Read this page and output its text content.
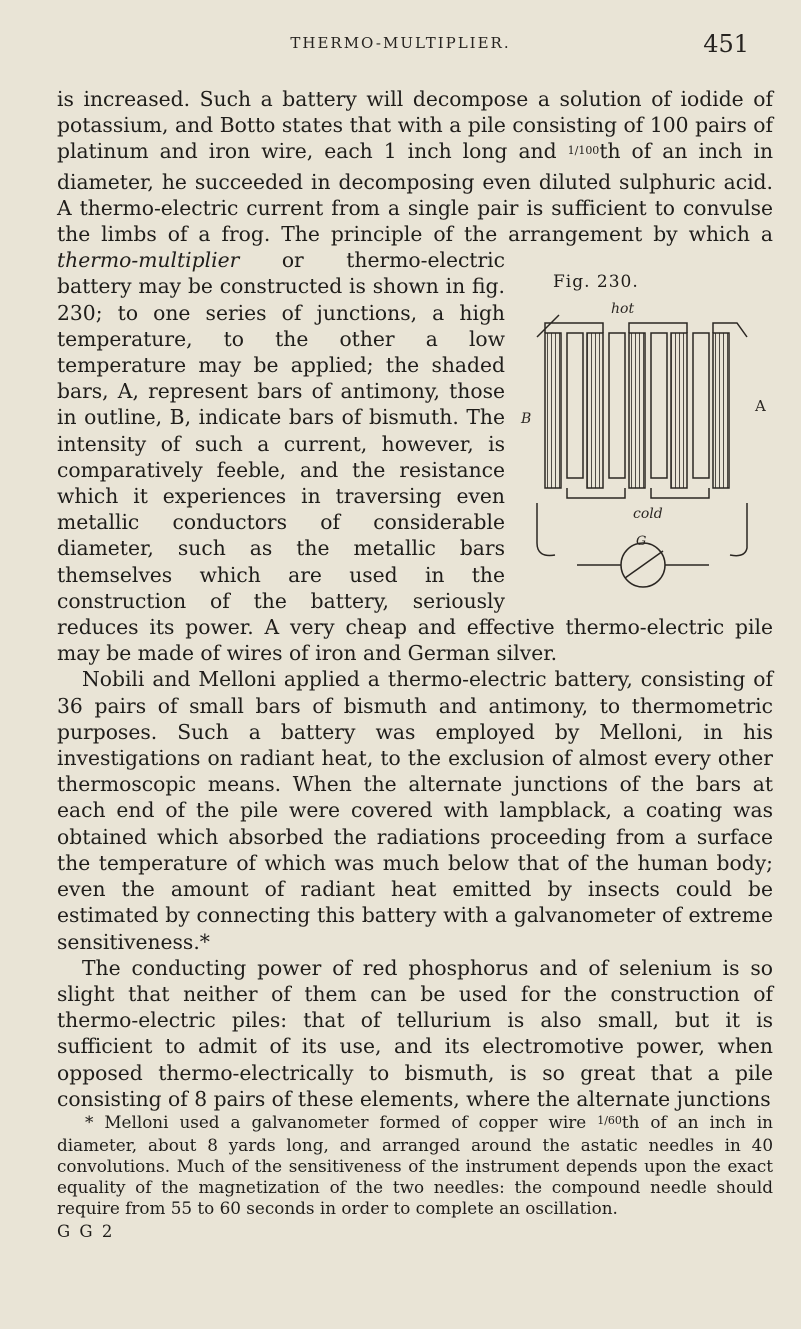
THERMO-MULTIPLIER.	451

is increased. Such a battery will decompose a solution of iodide of potassium, and Botto states that with a pile consisting of 100 pairs of platinum and iron wire, each 1 inch long and 1/100th of an inch in diameter, he succeeded in decomposing even diluted sulphuric acid. A thermo-electric current from a single pair is sufficient to convulse the limbs of a frog. The principle of the arrangement by which a thermo-multiplier
Fig. 230.
hot
cold
A
B
G
or thermo-electric battery may be constructed is shown in fig. 230; to one series of junctions, a high temperature, to the other a low temperature may be applied; the shaded bars, A, represent bars of antimony, those in outline, B, indicate bars of bismuth. The intensity of such a current, however, is comparatively feeble, and the resistance which it experiences in traversing even metallic conductors of considerable diameter, such as the metallic bars themselves which are used in the construction of the battery, seriously reduces its power. A very cheap and effective thermo-electric pile may be made of wires of iron and German silver.

Nobili and Melloni applied a thermo-electric battery, consisting of 36 pairs of small bars of bismuth and antimony, to thermometric purposes. Such a battery was employed by Melloni, in his investigations on radiant heat, to the exclusion of almost every other thermoscopic means. When the alternate junctions of the bars at each end of the pile were covered with lampblack, a coating was obtained which absorbed the radiations proceeding from a surface the temperature of which was much below that of the human body; even the amount of radiant heat emitted by insects could be estimated by connecting this battery with a galvanometer of extreme sensitiveness.*

The conducting power of red phosphorus and of selenium is so slight that neither of them can be used for the construction of thermo-electric piles: that of tellurium is also small, but it is sufficient to admit of its use, and its electromotive power, when opposed thermo-electrically to bismuth, is so great that a pile consisting of 8 pairs of these elements, where the alternate junctions

* Melloni used a galvanometer formed of copper wire $^{1/60}$th of an inch in diameter, about 8 yards long, and arranged around the astatic needles in 40 convolutions. Much of the sensitiveness of the instrument depends upon the exact equality of the magnetization of the two needles: the compound needle should require from 55 to 60 seconds in order to complete an oscillation.

G G 2
